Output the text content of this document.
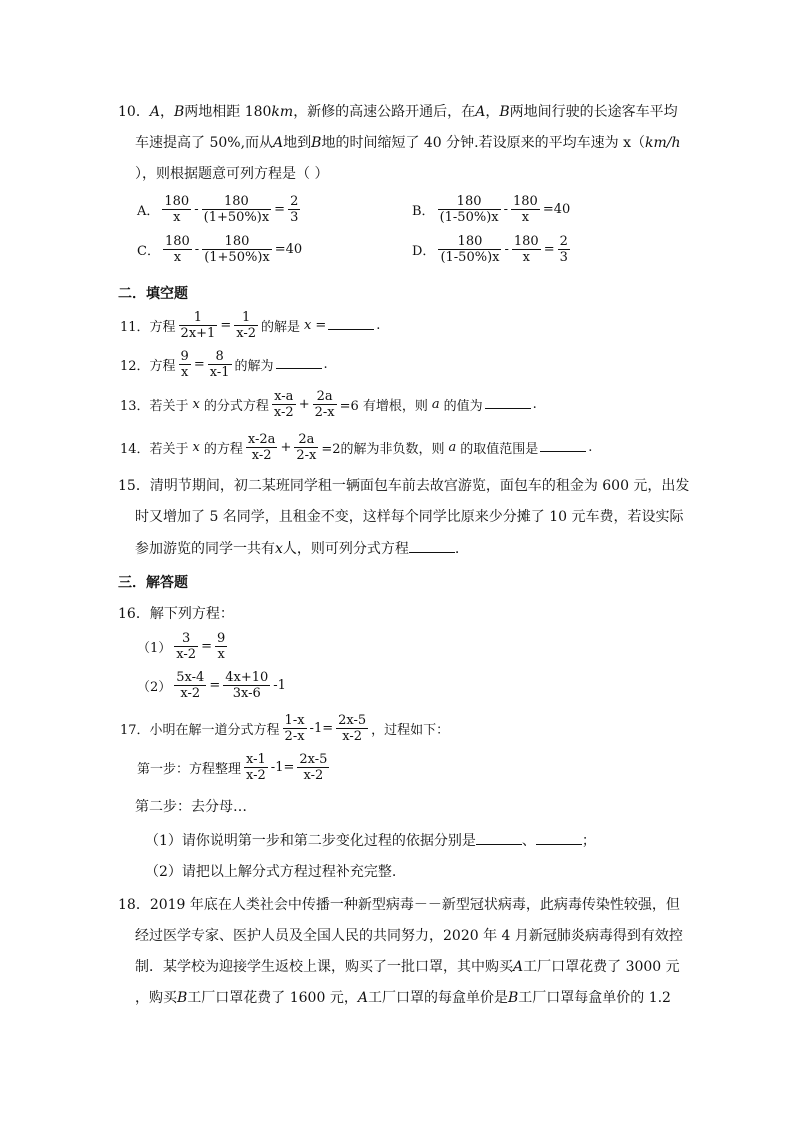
10．A，B两地相距 180km，新修的高速公路开通后，在A，B两地间行驶的长途客车平均
车速提高了 50%,而从A地到B地的时间缩短了 40 分钟.若设原来的平均车速为 x（km/h
），则根据题意可列方程是（ ）
A． $\frac{180}{x} - \frac{180}{(1+50\%)x} = \frac{2}{3}$	B． $\frac{180}{(1-50\%)x} - \frac{180}{x} =40$
C． $\frac{180}{x} - \frac{180}{(1+50\%)x} =40$	D． $\frac{180}{(1-50\%)x} - \frac{180}{x} = \frac{2}{3}$
二．填空题
11．方程 $\frac{1}{2x+1} = \frac{1}{x-2}$ 的解是 x =	.
12．方程 $\frac{9}{x} = \frac{8}{x-1}$ 的解为	.
13．若关于 x 的分式方程 $\frac{x-a}{x-2} + \frac{2a}{2-x} =6$ 有增根，则 a 的值为	.
14．若关于 x 的方程 $\frac{x-2a}{x-2} + \frac{2a}{2-x} =2$的解为非负数，则 a 的取值范围是	.
15．清明节期间，初二某班同学租一辆面包车前去故宫游览，面包车的租金为 600 元，出发
时又增加了 5 名同学，且租金不变，这样每个同学比原来少分摊了 10 元车费，若设实际
参加游览的同学一共有x人，则可列分式方程	.
三．解答题
16．解下列方程：
$(1) \frac{3}{x-2} = \frac{9}{x}$
$(2) \frac{5x-4}{x-2} = \frac{4x+10}{3x-6} -1$
17．小明在解一道分式方程 $\frac{1-x}{2-x} -1= \frac{2x-5}{x-2}$ ，过程如下：
第一步：方程整理 $\frac{x-1}{x-2} -1= \frac{2x-5}{x-2}$
第二步：去分母…
（1）请你说明第一步和第二步变化过程的依据分别是	、	；
（2）请把以上解分式方程过程补充完整.
18．2019 年底在人类社会中传播一种新型病毒－－新型冠状病毒，此病毒传染性较强，但
经过医学专家、医护人员及全国人民的共同努力，2020 年 4 月新冠肺炎病毒得到有效控
制．某学校为迎接学生返校上课，购买了一批口罩，其中购买A工厂口罩花费了 3000 元
，购买B工厂口罩花费了 1600 元，A工厂口罩的每盒单价是B工厂口罩每盒单价的 1.2
